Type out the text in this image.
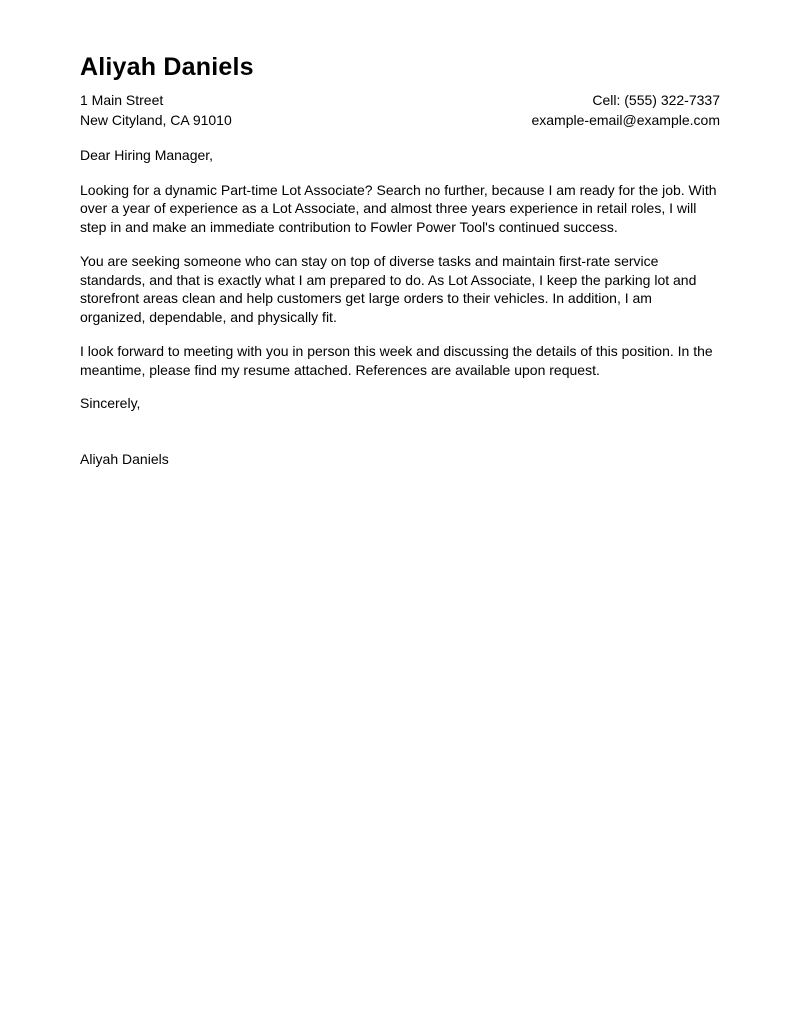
Aliyah Daniels
1 Main Street
New Cityland, CA 91010
Cell: (555) 322-7337
example-email@example.com
Dear Hiring Manager,
Looking for a dynamic Part-time Lot Associate? Search no further, because I am ready for the job. With over a year of experience as a Lot Associate, and almost three years experience in retail roles, I will step in and make an immediate contribution to Fowler Power Tool's continued success.
You are seeking someone who can stay on top of diverse tasks and maintain first-rate service standards, and that is exactly what I am prepared to do. As Lot Associate, I keep the parking lot and storefront areas clean and help customers get large orders to their vehicles. In addition, I am organized, dependable, and physically fit.
I look forward to meeting with you in person this week and discussing the details of this position. In the meantime, please find my resume attached. References are available upon request.
Sincerely,
Aliyah Daniels
